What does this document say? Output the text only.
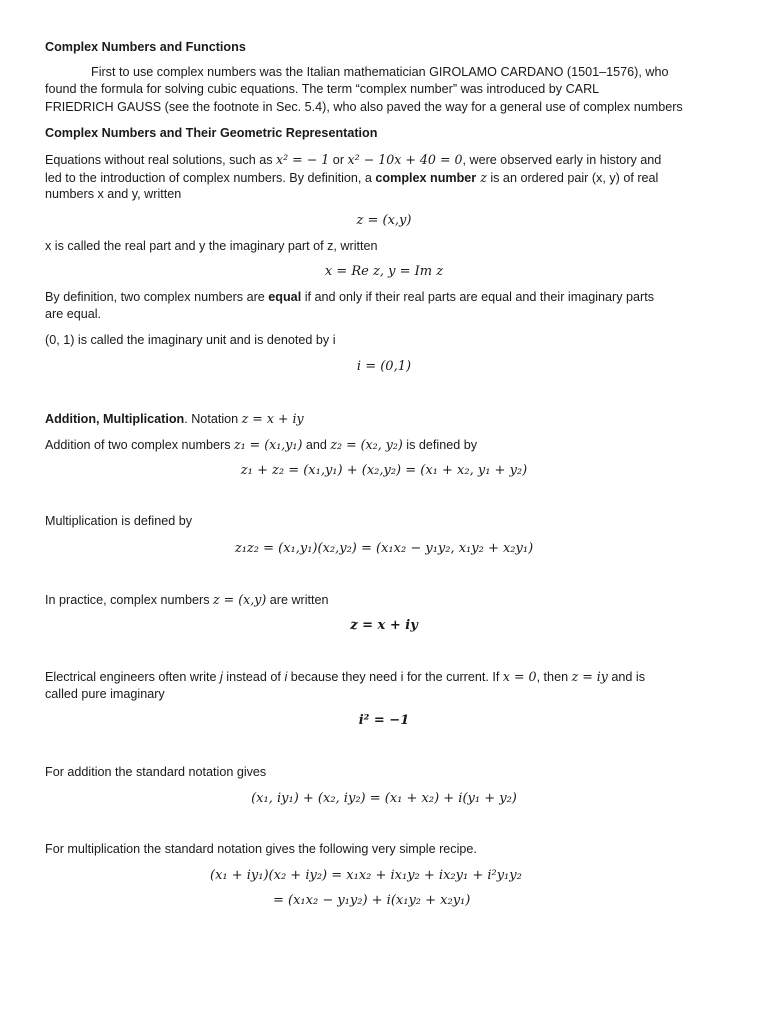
Complex Numbers and Functions

First to use complex numbers was the Italian mathematician GIROLAMO CARDANO (1501–1576), who

found the formula for solving cubic equations. The term “complex number” was introduced by CARL

FRIEDRICH GAUSS (see the footnote in Sec. 5.4), who also paved the way for a general use of complex numbers

Complex Numbers and Their Geometric Representation

Equations without real solutions, such as x² = − 1 or x² − 10x + 40 = 0, were observed early in history and

led to the introduction of complex numbers. By definition, a complex number z is an ordered pair (x, y) of real

numbers x and y, written

z = (x,y)

x is called the real part and y the imaginary part of z, written

x = Re z, y = Im z

By definition, two complex numbers are equal if and only if their real parts are equal and their imaginary parts

are equal.

(0, 1) is called the imaginary unit and is denoted by i

i = (0,1)

Addition, Multiplication. Notation z = x + iy

Addition of two complex numbers z₁ = (x₁,y₁) and z₂ = (x₂, y₂) is defined by

z₁ + z₂ = (x₁,y₁) + (x₂,y₂) = (x₁ + x₂, y₁ + y₂)

Multiplication is defined by

z₁z₂ = (x₁,y₁)(x₂,y₂) = (x₁x₂ − y₁y₂, x₁y₂ + x₂y₁)

In practice, complex numbers z = (x,y) are written

z = x + iy

Electrical engineers often write j instead of i because they need i for the current. If x = 0, then z = iy and is

called pure imaginary

i² = −1

For addition the standard notation gives

(x₁, iy₁) + (x₂, iy₂) = (x₁ + x₂) + i(y₁ + y₂)

For multiplication the standard notation gives the following very simple recipe.

(x₁ + iy₁)(x₂ + iy₂) = x₁x₂ + ix₁y₂ + ix₂y₁ + i²y₁y₂

= (x₁x₂ − y₁y₂) + i(x₁y₂ + x₂y₁)
